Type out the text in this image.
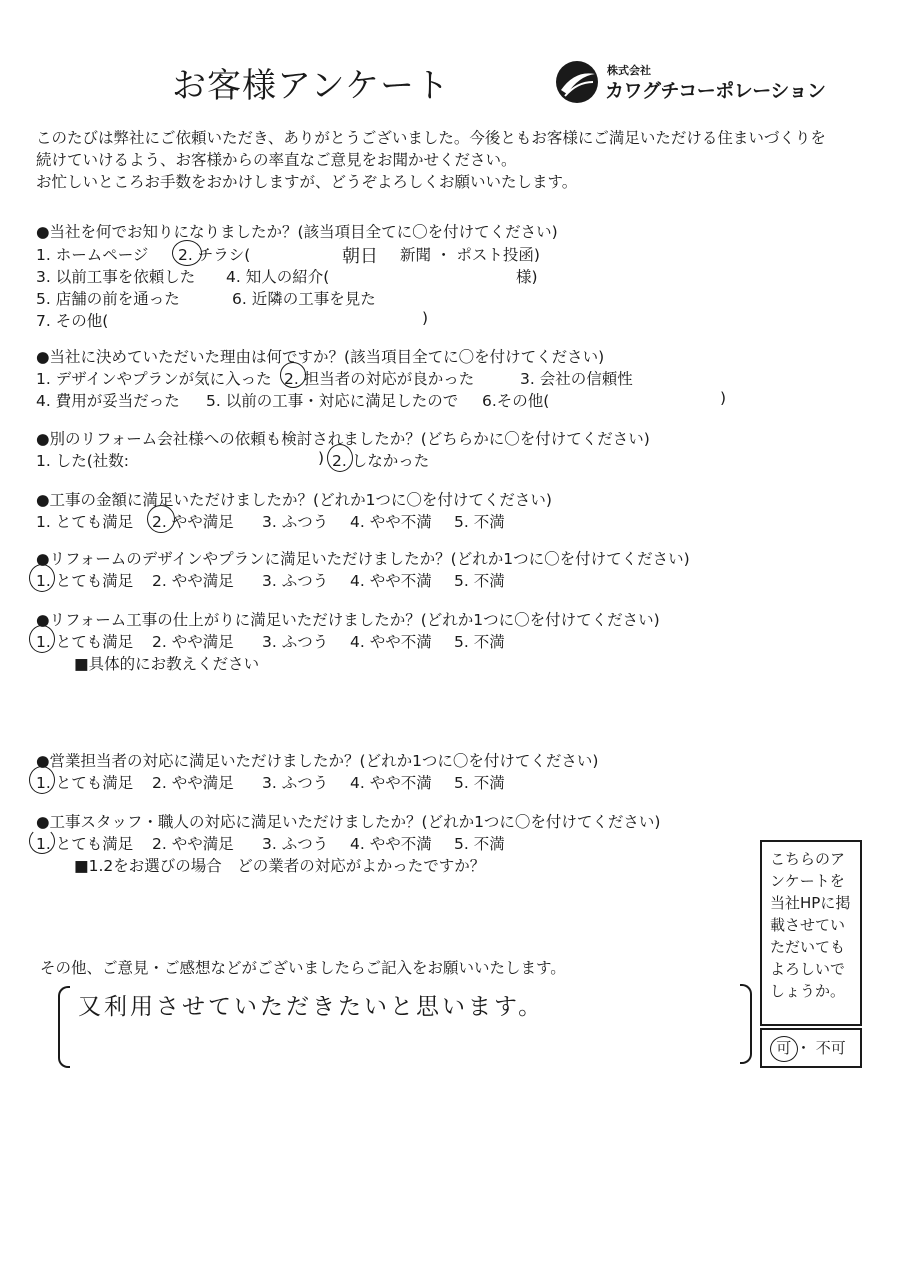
お客様アンケート	株式会社
カワグチコーポレーション
このたびは弊社にご依頼いただき、ありがとうございました。今後ともお客様にご満足いただける住まいづくりを
続けていけるよう、お客様からの率直なご意見をお聞かせください。
お忙しいところお手数をおかけしますが、どうぞよろしくお願いいたします。
●当社を何でお知りになりましたか？(該当項目全てに〇を付けてください)
1. ホームページ 2. チラシ(	朝日 新聞 ・ ポスト投函)
3. 以前工事を依頼した 4. 知人の紹介(	様)
5. 店舗の前を通った	6. 近隣の工事を見た
7. その他(	)
●当社に決めていただいた理由は何ですか？(該当項目全てに〇を付けてください)
1. デザインやプランが気に入った 2. 担当者の対応が良かった	3. 会社の信頼性
4. 費用が妥当だった 5. 以前の工事・対応に満足したので 6.その他(	)
●別のリフォーム会社様への依頼も検討されましたか？(どちらかに〇を付けてください)
1. した(社数:	) 2. しなかった
●工事の金額に満足いただけましたか？(どれか1つに〇を付けてください)
1. とても満足 2. やや満足 3. ふつう 4. やや不満 5. 不満
●リフォームのデザインやプランに満足いただけましたか？(どれか1つに〇を付けてください)
1. とても満足 2. やや満足 3. ふつう 4. やや不満 5. 不満
●リフォーム工事の仕上がりに満足いただけましたか？(どれか1つに〇を付けてください)
1. とても満足 2. やや満足 3. ふつう 4. やや不満 5. 不満
■具体的にお教えください
●営業担当者の対応に満足いただけましたか？(どれか1つに〇を付けてください)
1. とても満足 2. やや満足 3. ふつう 4. やや不満 5. 不満
●工事スタッフ・職人の対応に満足いただけましたか？(どれか1つに〇を付けてください)
1. とても満足 2. やや満足 3. ふつう 4. やや不満 5. 不満
■1.2をお選びの場合　どの業者の対応がよかったですか？
その他、ご意見・ご感想などがございましたらご記入をお願いいたします。
又利用させていただきたいと思います。
こちらのアンケートを当社HPに掲載させていただいてもよろしいでしょうか。
可 ・ 不可
